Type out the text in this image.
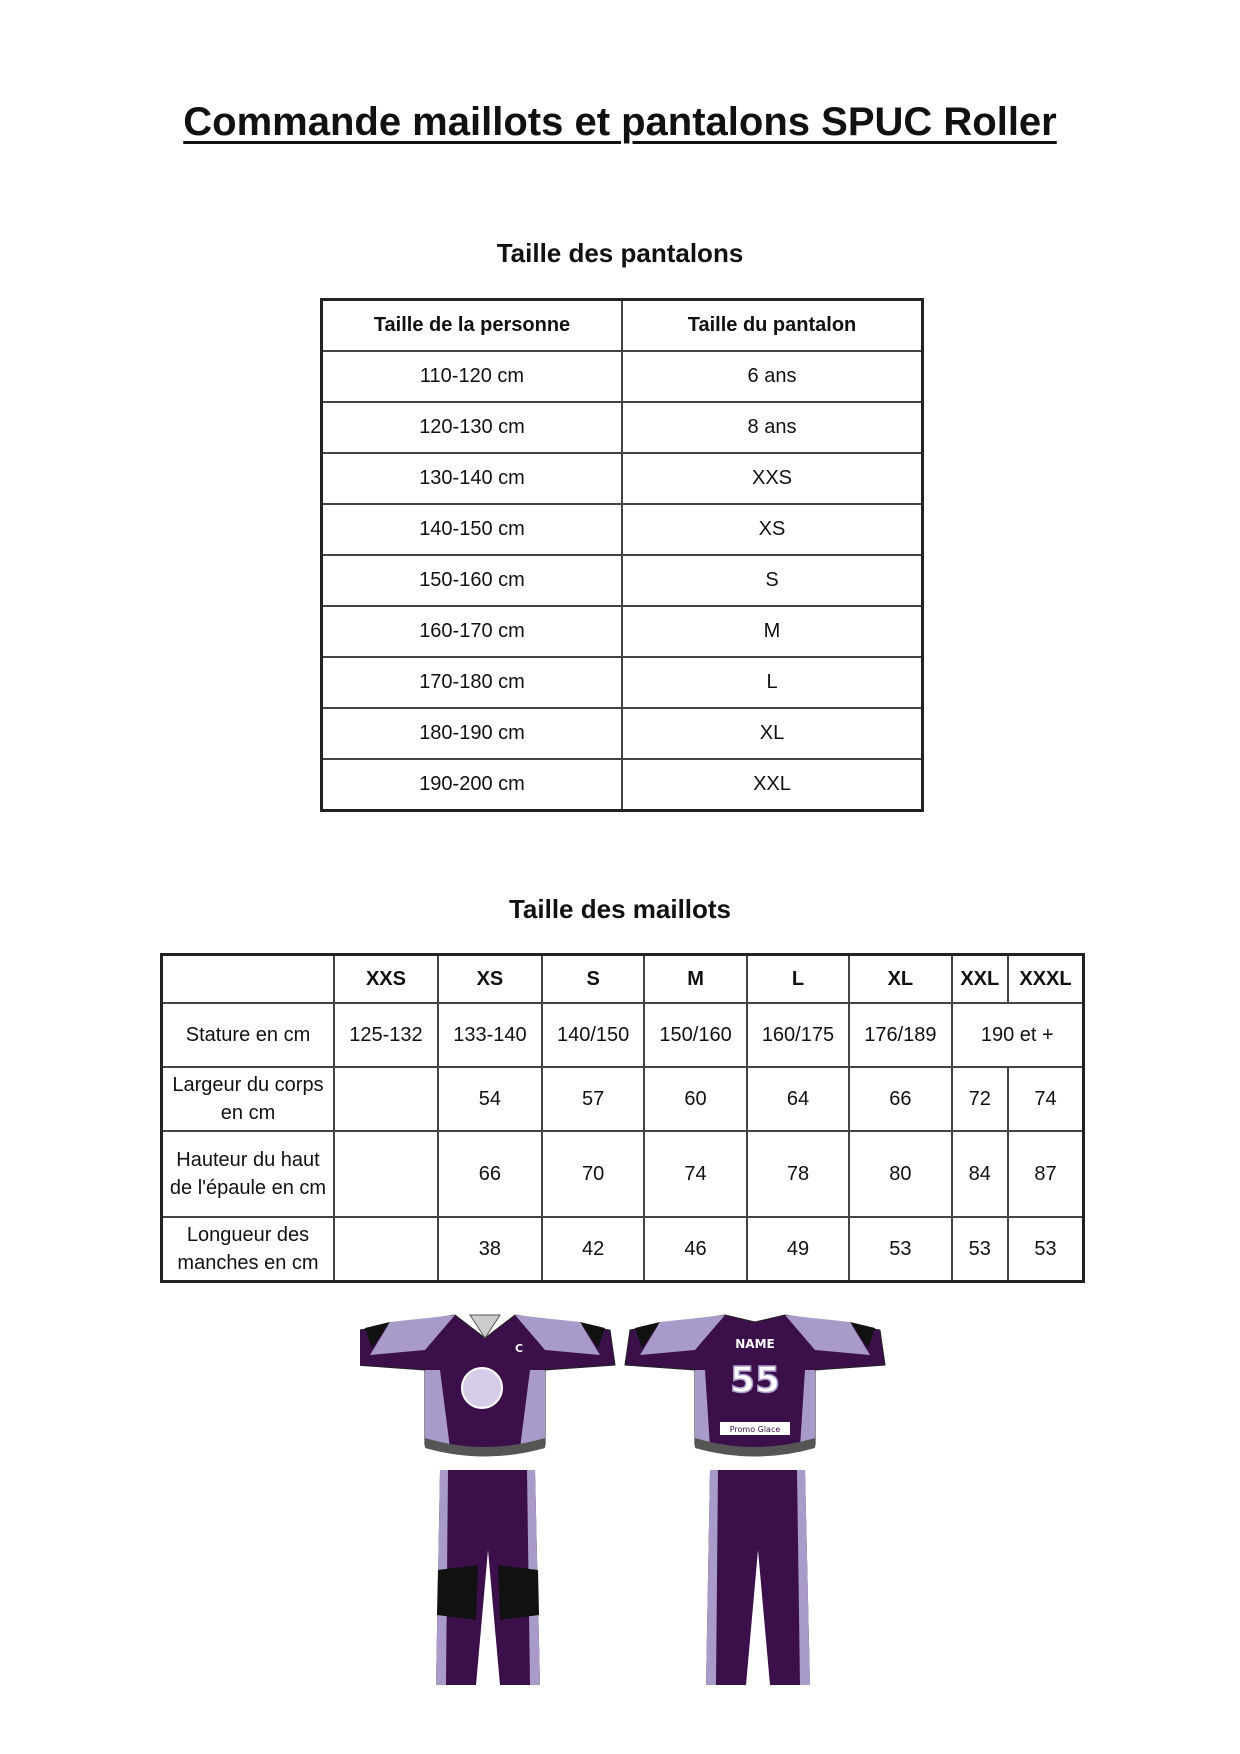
Commande maillots et pantalons SPUC Roller
Taille des pantalons
Taille de la personne	Taille du pantalon
110-120 cm	6 ans
120-130 cm	8 ans
130-140 cm	XXS
140-150 cm	XS
150-160 cm	S
160-170 cm	M
170-180 cm	L
180-190 cm	XL
190-200 cm	XXL
Taille des maillots
	XXS	XS	S	M	L	XL	XXL	XXXL
Stature en cm	125-132	133-140	140/150	150/160	160/175	176/189	190 et +	
Largeur du corps en cm		54	57	60	64	66	72	74
Hauteur du haut de l'épaule en cm		66	70	74	78	80	84	87
Longueur des manches en cm		38	42	46	49	53	53	53
C	NAME
55
Promo Glace
